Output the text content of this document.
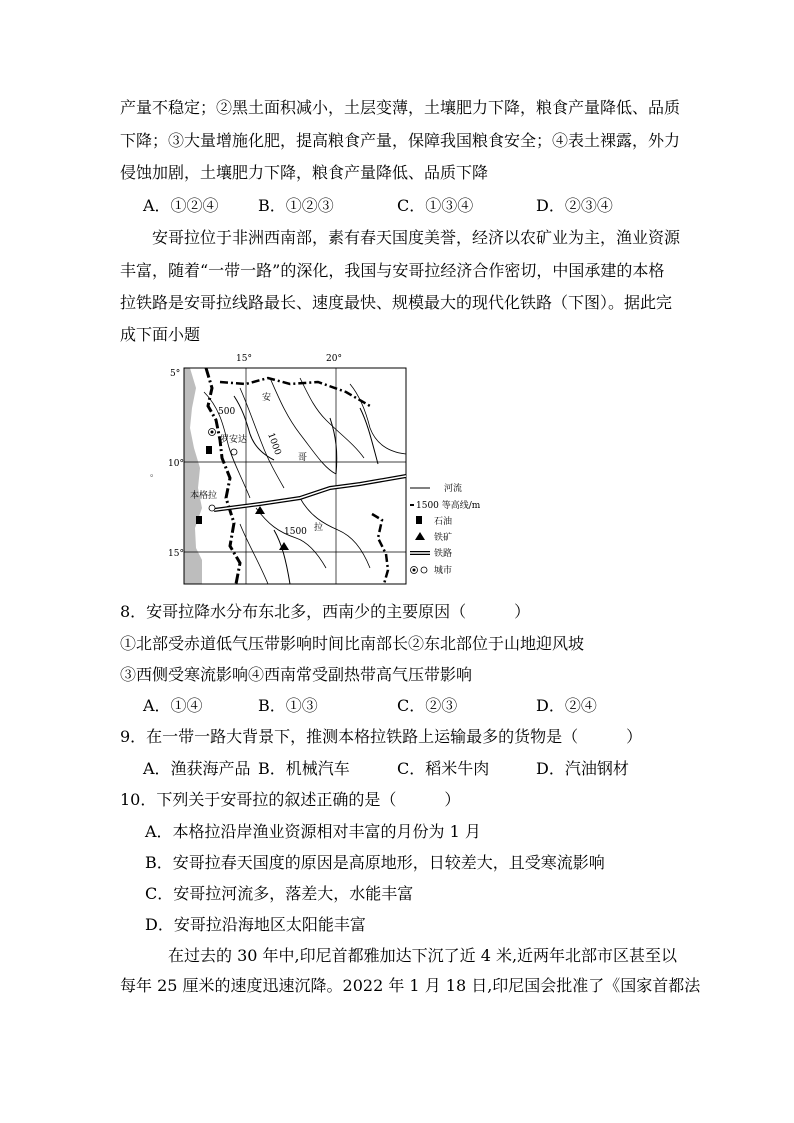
产量不稳定；②黑土面积减小，土层变薄，土壤肥力下降，粮食产量降低、品质
下降；③大量增施化肥，提高粮食产量，保障我国粮食安全；④表土裸露，外力
侵蚀加剧，土壤肥力下降，粮食产量降低、品质下降
A．①②④ B．①②③	C．①③④	D．②③④
安哥拉位于非洲西南部，素有春天国度美誉，经济以农矿业为主，渔业资源
丰富，随着“一带一路”的深化，我国与安哥拉经济合作密切，中国承建的本格
拉铁路是安哥拉线路最长、速度最快、规模最大的现代化铁路（下图）。据此完
成下面小题
15°	20°
5°
10°
15°
。
500
1000
1500
安
哥
拉
罗安达
本格拉
河流
1500 等高线/m
石油
铁矿
铁路
城市
8．安哥拉降水分布东北多，西南少的主要原因（　　　）
①北部受赤道低气压带影响时间比南部长②东北部位于山地迎风坡
③西侧受寒流影响④西南常受副热带高气压带影响
A．①④	B．①③	C．②③	D．②④
9．在一带一路大背景下，推测本格拉铁路上运输最多的货物是（　　　）
A．渔获海产品 B．机械汽车	C．稻米牛肉	D．汽油钢材
10．下列关于安哥拉的叙述正确的是（　　　）
A．本格拉沿岸渔业资源相对丰富的月份为 1 月
B．安哥拉春天国度的原因是高原地形，日较差大，且受寒流影响
C．安哥拉河流多，落差大，水能丰富
D．安哥拉沿海地区太阳能丰富
在过去的 30 年中,印尼首都雅加达下沉了近 4 米,近两年北部市区甚至以
每年 25 厘米的速度迅速沉降。2022 年 1 月 18 日,印尼国会批准了《国家首都法
